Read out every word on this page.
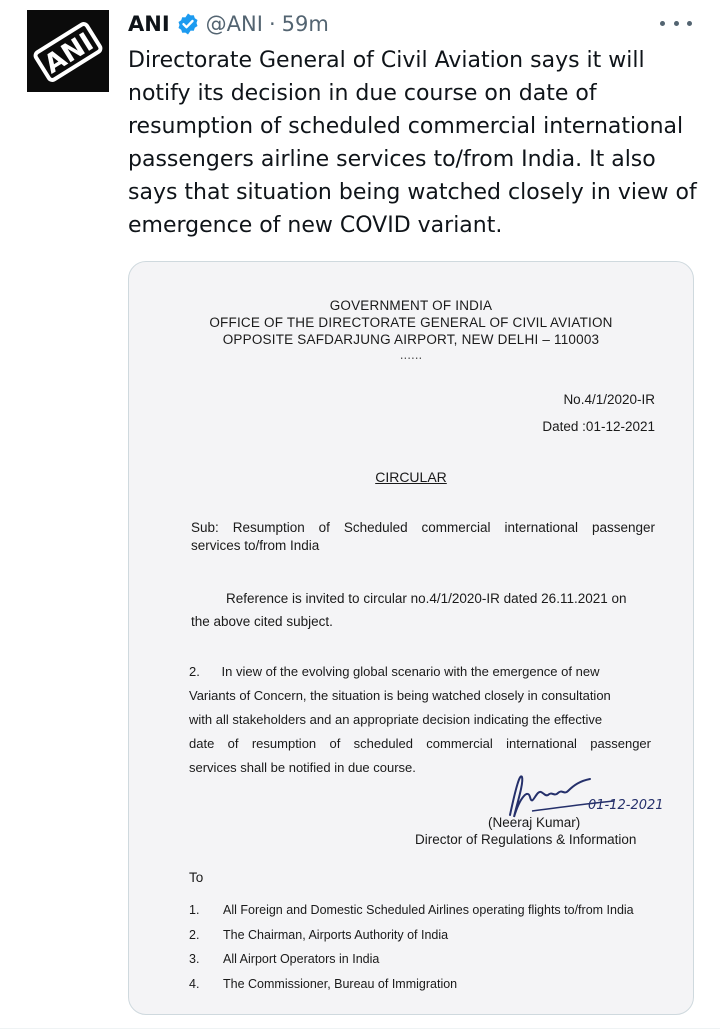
ANI
ANI @ANI · 59m
Directorate General of Civil Aviation says it will notify its decision in due course on date of resumption of scheduled commercial international passengers airline services to/from India. It also says that situation being watched closely in view of emergence of new COVID variant.
GOVERNMENT OF INDIA
OFFICE OF THE DIRECTORATE GENERAL OF CIVIL AVIATION
OPPOSITE SAFDARJUNG AIRPORT, NEW DELHI – 110003
......
No.4/1/2020-IR
Dated :01-12-2021
CIRCULAR
Sub: Resumption of Scheduled commercial international passenger
services to/from India
Reference is invited to circular no.4/1/2020-IR dated 26.11.2021 on
the above cited subject.
2.      In view of the evolving global scenario with the emergence of new
Variants of Concern, the situation is being watched closely in consultation
with all stakeholders and an appropriate decision indicating the effective
date of resumption of scheduled commercial international passenger
services shall be notified in due course.
01-12-2021
(Neeraj Kumar)
Director of Regulations & Information
To
1. All Foreign and Domestic Scheduled Airlines operating flights to/from India
2. The Chairman, Airports Authority of India
3. All Airport Operators in India
4. The Commissioner, Bureau of Immigration
